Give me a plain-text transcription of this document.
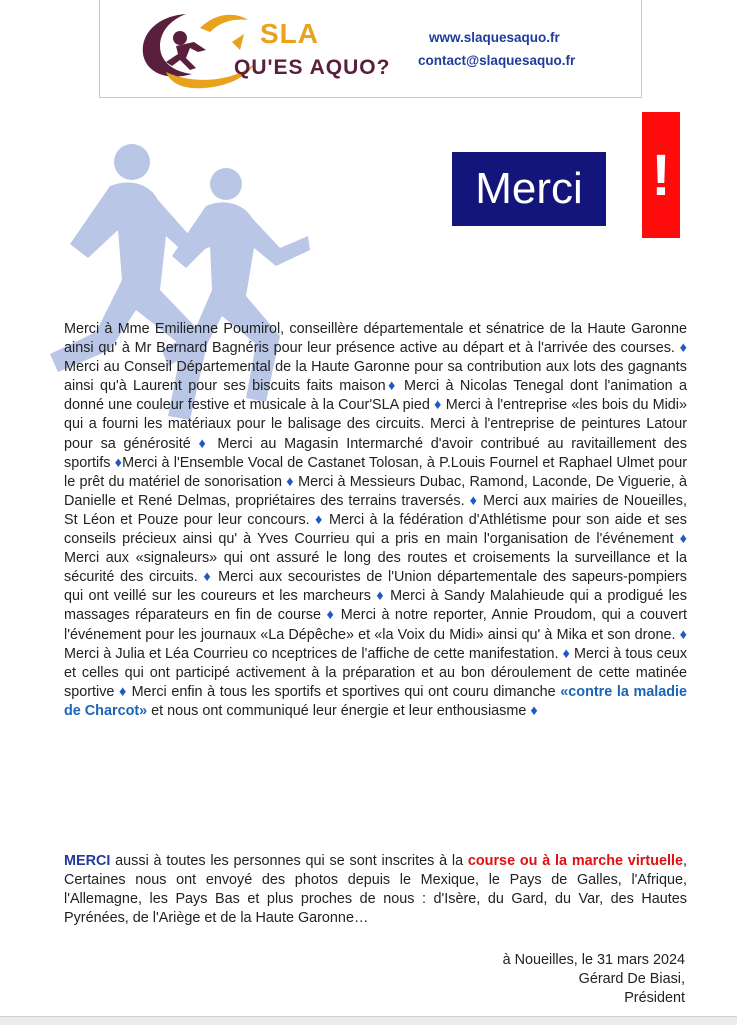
SLA
QU'ES AQUO?
www.slaquesaquo.fr
contact@slaquesaquo.fr
Merci	!

Merci à Mme Emilienne Poumirol, conseillère départementale et sénatrice de la Haute Garonne ainsi qu' à Mr Bernard Bagnéris pour leur présence active au départ et à l'arrivée des courses. ♦ Merci au Conseil Départemental de la Haute Garonne pour sa contribution aux lots des gagnants ainsi qu'à Laurent pour ses biscuits faits maison♦ Merci à Nicolas Tenegal dont l'animation a donné une couleur festive et musicale à la Cour'SLA pied ♦ Merci à l'entreprise «les bois du Midi» qui a fourni les matériaux pour le balisage des circuits. Merci à l'entreprise de peintures Latour pour sa générosité ♦ Merci au Magasin Intermarché d'avoir contribué au ravitaillement des sportifs ♦Merci à l'Ensemble Vocal de Castanet Tolosan, à P.Louis Fournel et Raphael Ulmet pour le prêt du matériel de sonorisation ♦ Merci à Messieurs Dubac, Ramond, Laconde, De Viguerie, à Danielle et René Delmas, propriétaires des terrains traversés. ♦ Merci aux mairies de Noueilles, St Léon et Pouze pour leur concours. ♦ Merci à la fédération d'Athlétisme pour son aide et ses conseils précieux ainsi qu' à Yves Courrieu qui a pris en main l'organisation de l'événement ♦ Merci aux «signaleurs» qui ont assuré le long des routes et croisements la surveillance et la sécurité des circuits. ♦ Merci aux secouristes de l'Union départementale des sapeurs-pompiers qui ont veillé sur les coureurs et les marcheurs ♦ Merci à Sandy Malahieude qui a prodigué les massages réparateurs en fin de course ♦ Merci à notre reporter, Annie Proudom, qui a couvert l'événement pour les journaux «La Dépêche» et «la Voix du Midi» ainsi qu' à Mika et son drone. ♦ Merci à Julia et Léa Courrieu co nceptrices de l'affiche de cette manifestation. ♦ Merci à tous ceux et celles qui ont participé activement à la préparation et au bon déroulement de cette matinée sportive ♦ Merci enfin à tous les sportifs et sportives qui ont couru dimanche «contre la maladie de Charcot» et nous ont communiqué leur énergie et leur enthousiasme ♦

MERCI aussi à toutes les personnes qui se sont inscrites à la course ou à la marche virtuelle, Certaines nous ont envoyé des photos depuis le Mexique, le Pays de Galles, l'Afrique, l'Allemagne, les Pays Bas et plus proches de nous : d'Isère, du Gard, du Var, des Hautes Pyrénées, de l'Ariège et de la Haute Garonne…

à Noueilles, le 31 mars 2024
Gérard De Biasi,
Président
